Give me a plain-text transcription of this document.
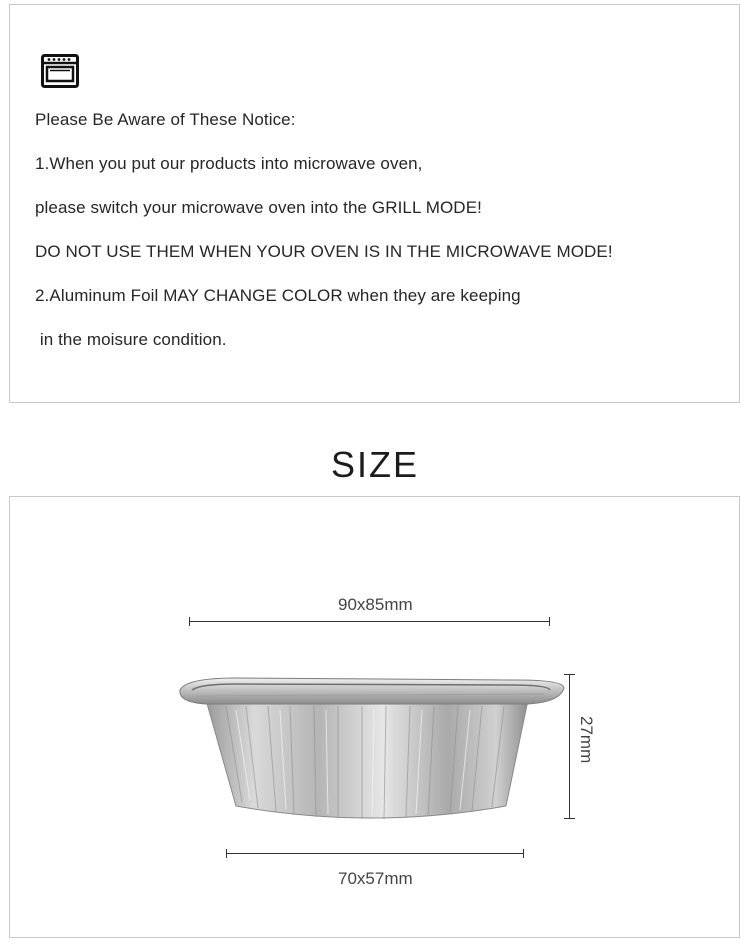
Please Be Aware of These Notice:
1.When you put our products into microwave oven,
please switch your microwave oven into the GRILL MODE!
DO NOT USE THEM WHEN YOUR OVEN IS IN THE MICROWAVE MODE!
2.Aluminum Foil MAY CHANGE COLOR when they are keeping
in the moisure condition.
SIZE
90x85mm
27mm
70x57mm
